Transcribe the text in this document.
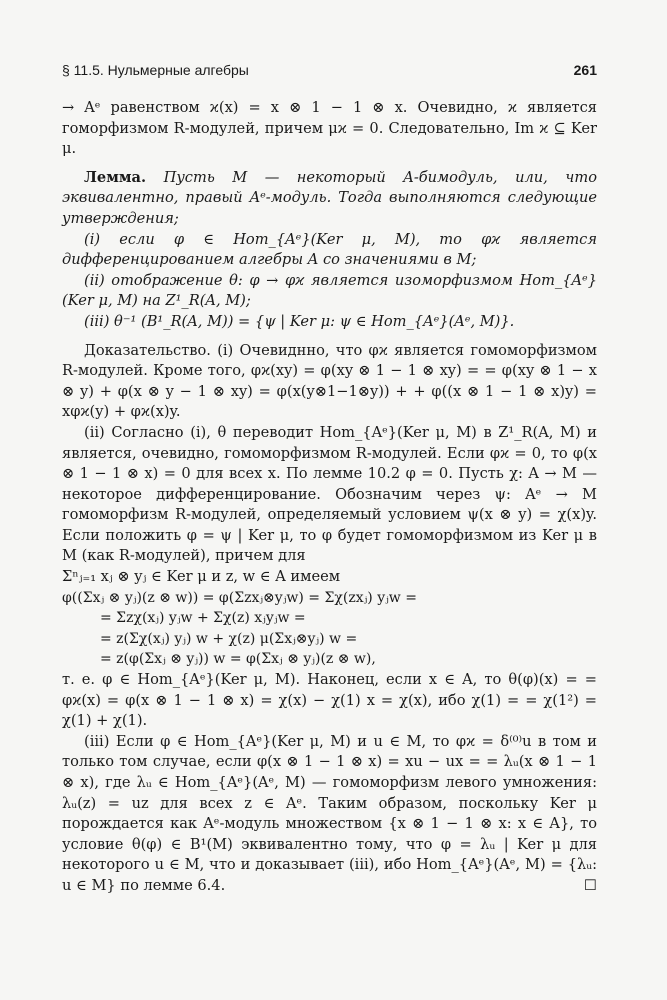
§ 11.5. Нульмерные алгебры	261

→ Aᵉ равенством ϰ(x) = x ⊗ 1 − 1 ⊗ x. Очевидно, ϰ является гоморфизмом R-модулей, причем μϰ = 0. Следовательно, Im ϰ ⊆ Ker μ.

Лемма. Пусть M — некоторый A-бимодуль, или, что эквивалентно, правый Aᵉ-модуль. Тогда выполняются следующие утверждения;

(i) если φ ∈ Hom_{Aᵉ}(Ker μ, M), то φϰ является дифференцированием алгебры A со значениями в M;

(ii) отображение θ: φ → φϰ является изоморфизмом Hom_{Aᵉ}(Ker μ, M) на Z¹_R(A, M);

(iii) θ⁻¹ (B¹_R(A, M)) = {ψ | Ker μ: ψ ∈ Hom_{Aᵉ}(Aᵉ, M)}.

Доказательство. (i) Очевиднно, что φϰ является гомоморфизмом R-модулей. Кроме того, φϰ(xy) = φ(xy ⊗ 1 − 1 ⊗ xy) = = φ(xy ⊗ 1 − x ⊗ y) + φ(x ⊗ y − 1 ⊗ xy) = φ(x(y⊗1−1⊗y)) + + φ((x ⊗ 1 − 1 ⊗ x)y) = xφϰ(y) + φϰ(x)y.

(ii) Согласно (i), θ переводит Hom_{Aᵉ}(Ker μ, M) в Z¹_R(A, M) и является, очевидно, гомоморфизмом R-модулей. Если φϰ = 0, то φ(x ⊗ 1 − 1 ⊗ x) = 0 для всех x. По лемме 10.2 φ = 0. Пусть χ: A → M — некоторое дифференцирование. Обозначим через ψ: Aᵉ → M гомоморфизм R-модулей, определяемый условием ψ(x ⊗ y) = χ(x)y. Если положить φ = ψ | Ker μ, то φ будет гомоморфизмом из Ker μ в M (как R-модулей), причем для

Σⁿⱼ₌₁ xⱼ ⊗ yⱼ ∈ Ker μ и z, w ∈ A имеем

φ((Σxⱼ ⊗ yⱼ)(z ⊗ w)) = φ(Σzxⱼ⊗yⱼw) = Σχ(zxⱼ) yⱼw =

= Σzχ(xⱼ) yⱼw + Σχ(z) xⱼyⱼw =

= z(Σχ(xⱼ) yⱼ) w + χ(z) μ(Σxⱼ⊗yⱼ) w =

= z(φ(Σxⱼ ⊗ yⱼ)) w = φ(Σxⱼ ⊗ yⱼ)(z ⊗ w),

т. е. φ ∈ Hom_{Aᵉ}(Ker μ, M). Наконец, если x ∈ A, то θ(φ)(x) = = φϰ(x) = φ(x ⊗ 1 − 1 ⊗ x) = χ(x) − χ(1) x = χ(x), ибо χ(1) = = χ(1²) = χ(1) + χ(1).

(iii) Если φ ∈ Hom_{Aᵉ}(Ker μ, M) и u ∈ M, то φϰ = δ⁽⁰⁾u в том и только том случае, если φ(x ⊗ 1 − 1 ⊗ x) = xu − ux = = λᵤ(x ⊗ 1 − 1 ⊗ x), где λᵤ ∈ Hom_{Aᵉ}(Aᵉ, M) — гомоморфизм левого умножения: λᵤ(z) = uz для всех z ∈ Aᵉ. Таким образом, поскольку Ker μ порождается как Aᵉ-модуль множеством {x ⊗ 1 − 1 ⊗ x: x ∈ A}, то условие θ(φ) ∈ B¹(M) эквивалентно тому, что φ = λᵤ | Ker μ для некоторого u ∈ M, что и доказывает (iii), ибо Hom_{Aᵉ}(Aᵉ, M) = {λᵤ: u ∈ M} по лемме 6.4.	☐
